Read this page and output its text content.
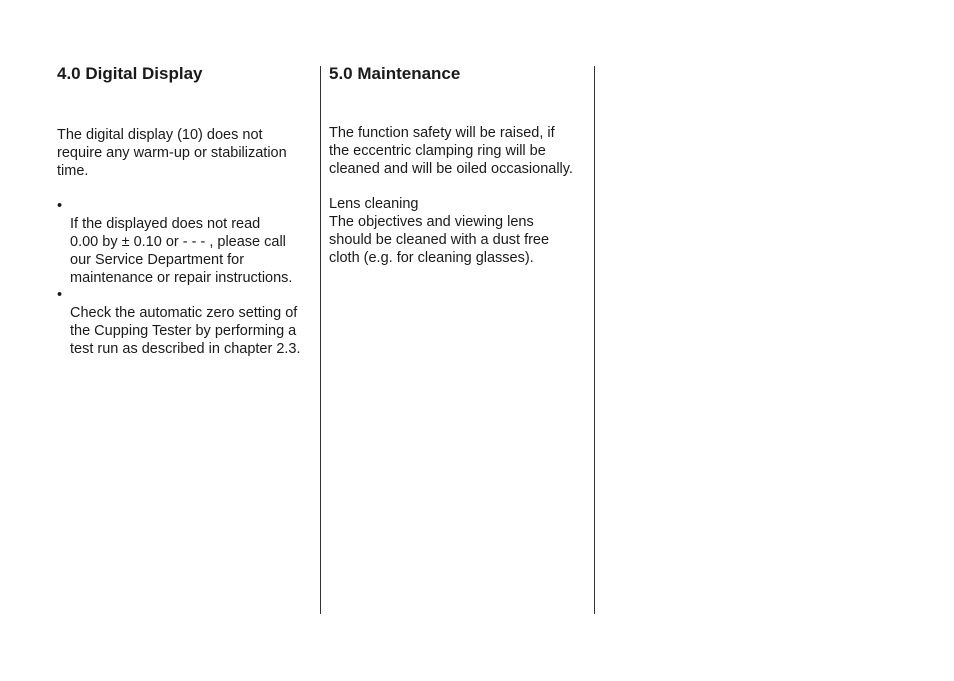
4.0 Digital Display

The digital display (10) does not
require any warm-up or stabilization
time.

•
If the displayed does not read
0.00 by ± 0.10 or - - - , please call
our Service Department for
maintenance or repair instructions.

•
Check the automatic zero setting of
the Cupping Tester by performing a
test run as described in chapter 2.3.

5.0 Maintenance

The function safety will be raised, if
the eccentric clamping ring will be
cleaned and will be oiled occasionally.

Lens cleaning

The objectives and viewing lens
should be cleaned with a dust free
cloth (e.g. for cleaning glasses).
